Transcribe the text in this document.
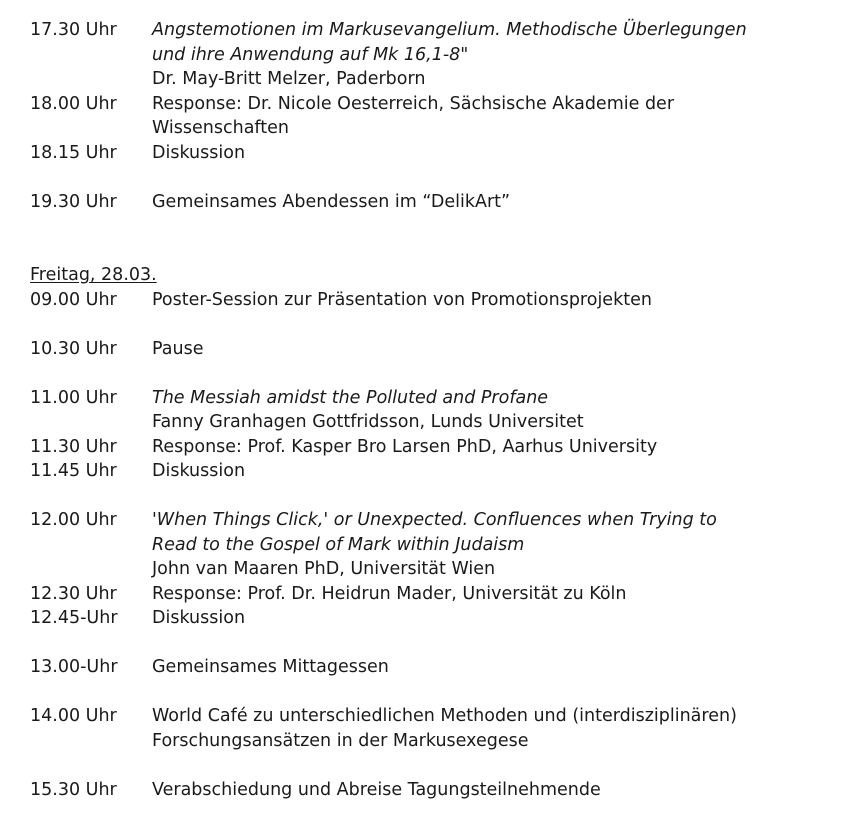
17.30 Uhr	Angstemotionen im Markusevangelium. Methodische Überlegungen
und ihre Anwendung auf Mk 16,1-8"
Dr. May-Britt Melzer, Paderborn
18.00 Uhr	Response: Dr. Nicole Oesterreich, Sächsische Akademie der
Wissenschaften
18.15 Uhr	Diskussion
19.30 Uhr	Gemeinsames Abendessen im “DelikArt”
Freitag, 28.03.
09.00 Uhr	Poster-Session zur Präsentation von Promotionsprojekten
10.30 Uhr	Pause
11.00 Uhr	The Messiah amidst the Polluted and Profane
Fanny Granhagen Gottfridsson, Lunds Universitet
11.30 Uhr	Response: Prof. Kasper Bro Larsen PhD, Aarhus University
11.45 Uhr	Diskussion
12.00 Uhr	'When Things Click,' or Unexpected. Confluences when Trying to
Read to the Gospel of Mark within Judaism
John van Maaren PhD, Universität Wien
12.30 Uhr	Response: Prof. Dr. Heidrun Mader, Universität zu Köln
12.45-Uhr	Diskussion
13.00-Uhr	Gemeinsames Mittagessen
14.00 Uhr	World Café zu unterschiedlichen Methoden und (interdisziplinären)
Forschungsansätzen in der Markusexegese
15.30 Uhr	Verabschiedung und Abreise Tagungsteilnehmende
